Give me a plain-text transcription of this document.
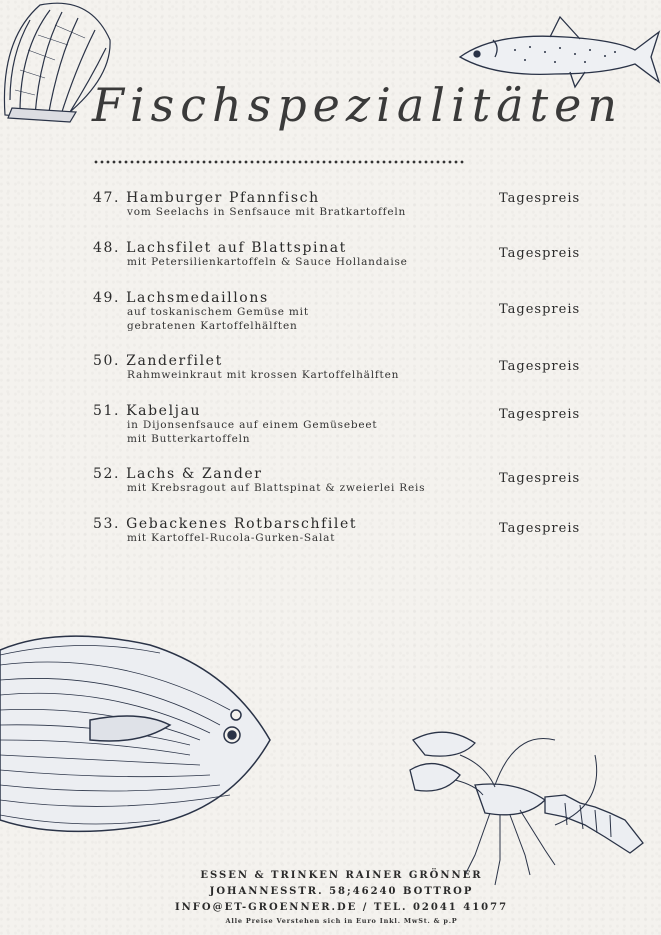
Fischspezialitäten
47. Hamburger Pfannfisch
vom Seelachs in Senfsauce mit Bratkartoffeln
Tagespreis
48. Lachsfilet auf Blattspinat
mit Petersilienkartoffeln & Sauce Hollandaise
Tagespreis
49. Lachsmedaillons
auf toskanischem Gemüse mit
gebratenen Kartoffelhälften
Tagespreis
50. Zanderfilet
Rahmweinkraut mit krossen Kartoffelhälften
Tagespreis
51. Kabeljau
in Dijonsenfsauce auf einem Gemüsebeet
mit Butterkartoffeln
Tagespreis
52. Lachs & Zander
mit Krebsragout auf Blattspinat & zweierlei Reis
Tagespreis
53. Gebackenes Rotbarschfilet
mit Kartoffel-Rucola-Gurken-Salat
Tagespreis
ESSEN & TRINKEN RAINER GRÖNNER
JOHANNESSTR. 58;46240 BOTTROP
INFO@ET-GROENNER.DE / TEL. 02041 41077
Alle Preise Verstehen sich in Euro Inkl. MwSt. & p.P
